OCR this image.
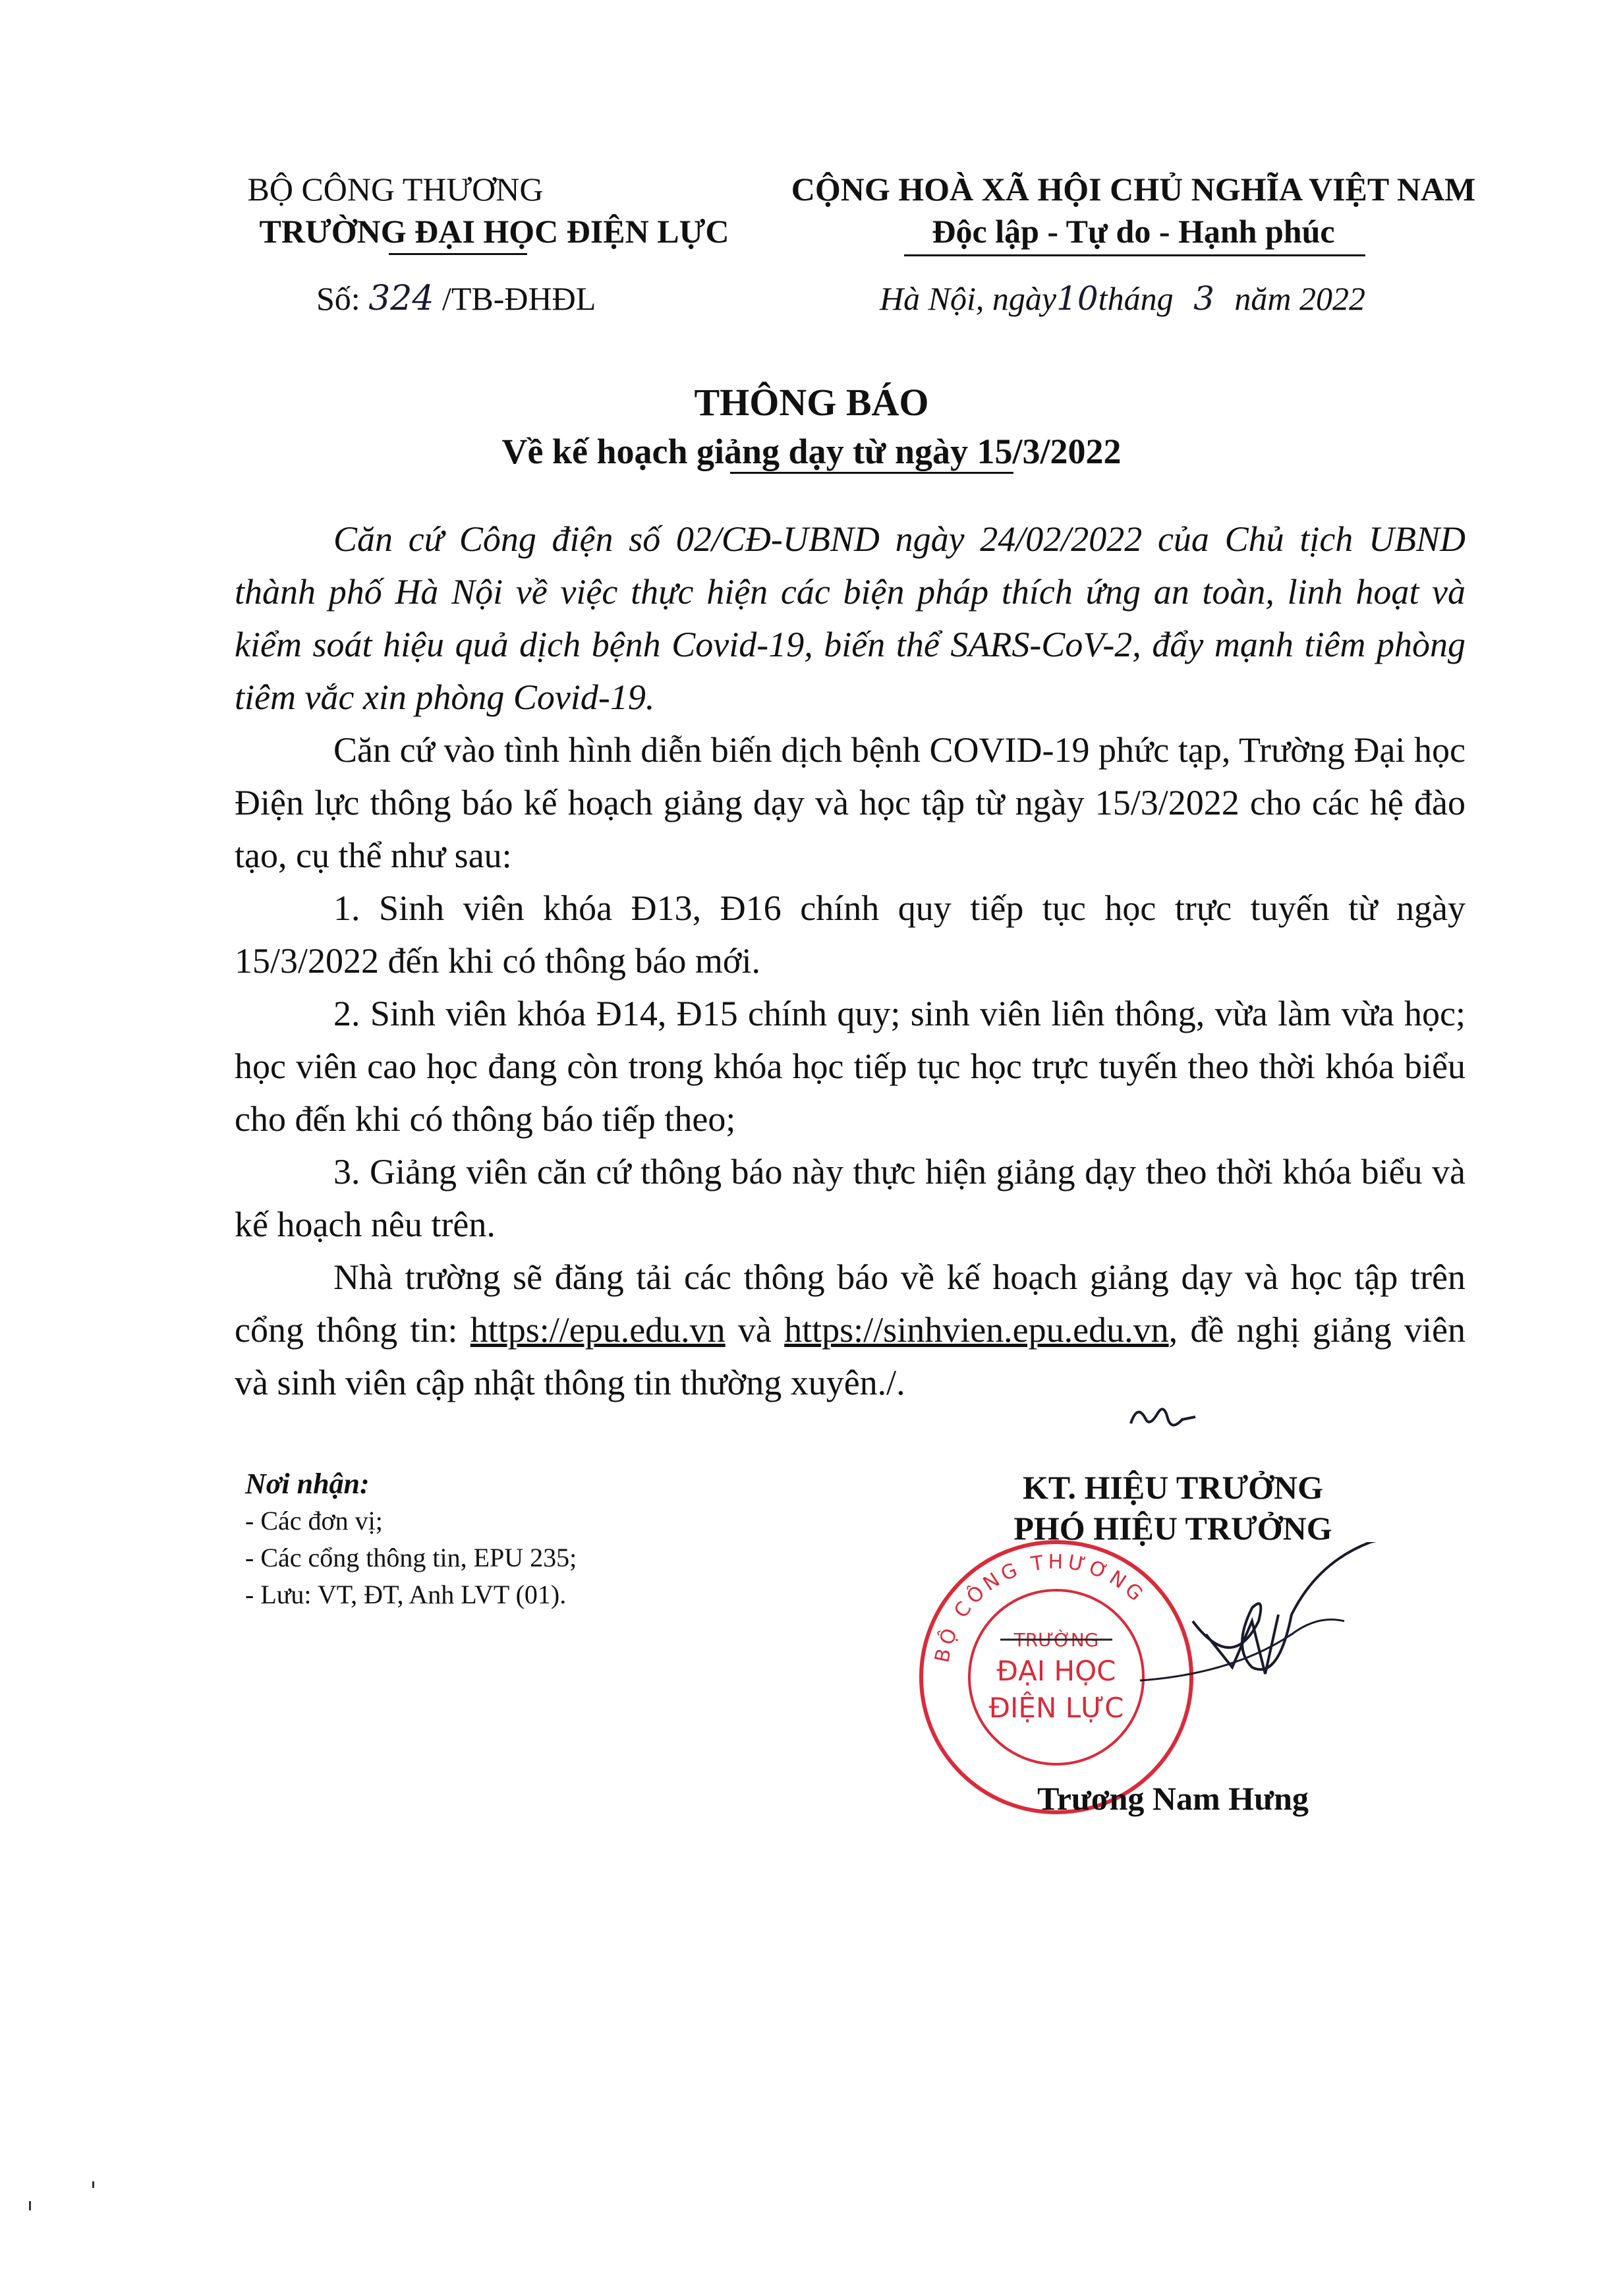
BỘ CÔNG THƯƠNG
TRƯỜNG ĐẠI HỌC ĐIỆN LỰC
Số: 324 /TB-ĐHĐL
CỘNG HOÀ XÃ HỘI CHỦ NGHĨA VIỆT NAM
Độc lập - Tự do - Hạnh phúc
Hà Nội, ngày10tháng 3 năm 2022
THÔNG BÁO
Về kế hoạch giảng dạy từ ngày 15/3/2022

Căn cứ Công điện số 02/CĐ-UBND ngày 24/02/2022 của Chủ tịch UBND thành phố Hà Nội về việc thực hiện các biện pháp thích ứng an toàn, linh hoạt và kiểm soát hiệu quả dịch bệnh Covid-19, biến thể SARS-CoV-2, đẩy mạnh tiêm phòng tiêm vắc xin phòng Covid-19.

Căn cứ vào tình hình diễn biến dịch bệnh COVID-19 phức tạp, Trường Đại học Điện lực thông báo kế hoạch giảng dạy và học tập từ ngày 15/3/2022 cho các hệ đào tạo, cụ thể như sau:

1. Sinh viên khóa Đ13, Đ16 chính quy tiếp tục học trực tuyến từ ngày 15/3/2022 đến khi có thông báo mới.

2. Sinh viên khóa Đ14, Đ15 chính quy; sinh viên liên thông, vừa làm vừa học; học viên cao học đang còn trong khóa học tiếp tục học trực tuyến theo thời khóa biểu cho đến khi có thông báo tiếp theo;

3. Giảng viên căn cứ thông báo này thực hiện giảng dạy theo thời khóa biểu và kế hoạch nêu trên.

Nhà trường sẽ đăng tải các thông báo về kế hoạch giảng dạy và học tập trên cổng thông tin: https://epu.edu.vn và https://sinhvien.epu.edu.vn, đề nghị giảng viên và sinh viên cập nhật thông tin thường xuyên./.

Nơi nhận:
- Các đơn vị;
- Các cổng thông tin, EPU 235;
- Lưu: VT, ĐT, Anh LVT (01).
KT. HIỆU TRƯỞNG
PHÓ HIỆU TRƯỞNG
BỘ CÔNG THƯƠNG
TRƯỜNG
ĐẠI HỌC
ĐIỆN LỰC
Trương Nam Hưng
